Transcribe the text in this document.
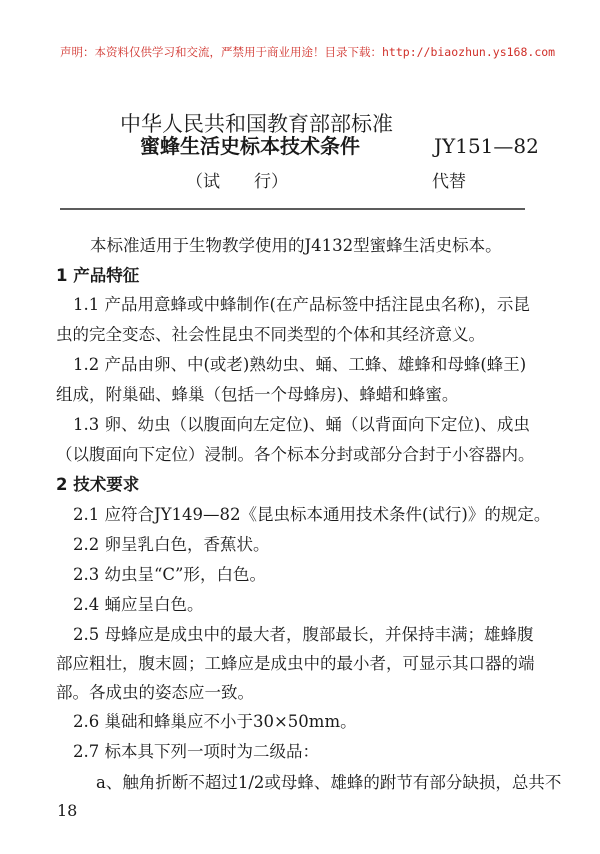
声明：本资料仅供学习和交流，严禁用于商业用途！目录下载：http://biaozhun.ys168.com
中华人民共和国教育部部标准
蜜蜂生活史标本技术条件	JY151—82
（试　　行）	代替
本标准适用于生物教学使用的J4132型蜜蜂生活史标本。
1 产品特征
1.1 产品用意蜂或中蜂制作(在产品标签中括注昆虫名称)，示昆
虫的完全变态、社会性昆虫不同类型的个体和其经济意义。
1.2 产品由卵、中(或老)熟幼虫、蛹、工蜂、雄蜂和母蜂(蜂王)
组成，附巢础、蜂巢（包括一个母蜂房)、蜂蜡和蜂蜜。
1.3 卵、幼虫（以腹面向左定位)、蛹（以背面向下定位)、成虫
（以腹面向下定位）浸制。各个标本分封或部分合封于小容器内。
2 技术要求
2.1 应符合JY149—82《昆虫标本通用技术条件(试行)》的规定。
2.2 卵呈乳白色，香蕉状。
2.3 幼虫呈“C”形，白色。
2.4 蛹应呈白色。
2.5 母蜂应是成虫中的最大者，腹部最长，并保持丰满；雄蜂腹
部应粗壮，腹末圆；工蜂应是成虫中的最小者，可显示其口器的端
部。各成虫的姿态应一致。
2.6 巢础和蜂巢应不小于30×50mm。
2.7 标本具下列一项时为二级品：
a、触角折断不超过1/2或母蜂、雄蜂的跗节有部分缺损，总共不
18
